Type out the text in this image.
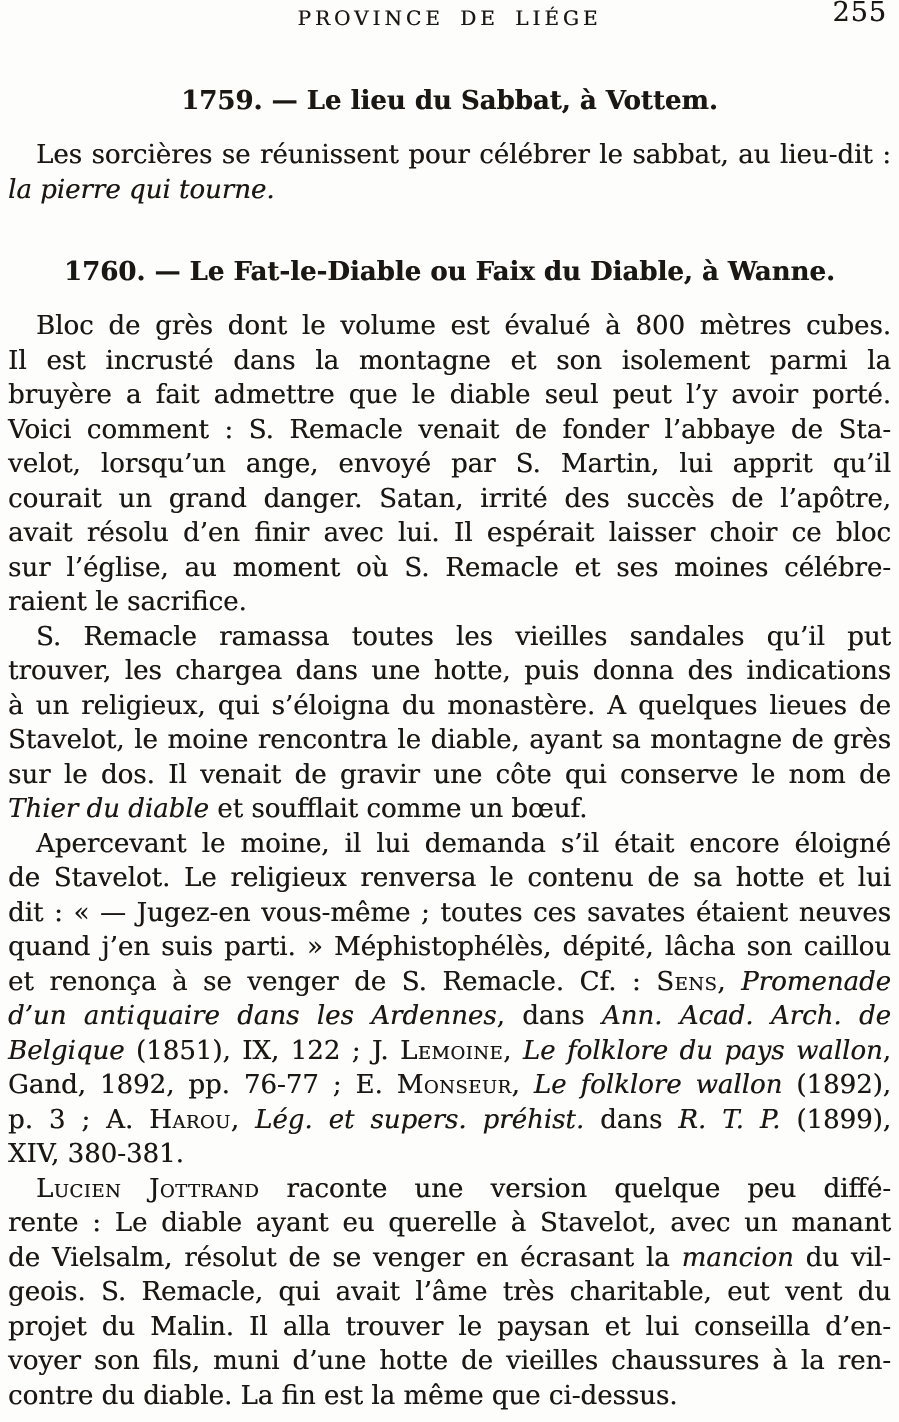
PROVINCE DE LIÉGE	255
1759. — Le lieu du Sabbat, à Vottem.
Les sorcières se réunissent pour célébrer le sabbat, au lieu-dit :
la pierre qui tourne.
1760. — Le Fat-le-Diable ou Faix du Diable, à Wanne.
Bloc de grès dont le volume est évalué à 800 mètres cubes.
Il est incrusté dans la montagne et son isolement parmi la
bruyère a fait admettre que le diable seul peut l’y avoir porté.
Voici comment : S. Remacle venait de fonder l’abbaye de Sta-
velot, lorsqu’un ange, envoyé par S. Martin, lui apprit qu’il
courait un grand danger. Satan, irrité des succès de l’apôtre,
avait résolu d’en finir avec lui. Il espérait laisser choir ce bloc
sur l’église, au moment où S. Remacle et ses moines célébre-
raient le sacrifice.
S. Remacle ramassa toutes les vieilles sandales qu’il put
trouver, les chargea dans une hotte, puis donna des indications
à un religieux, qui s’éloigna du monastère. A quelques lieues de
Stavelot, le moine rencontra le diable, ayant sa montagne de grès
sur le dos. Il venait de gravir une côte qui conserve le nom de
Thier du diable et soufflait comme un bœuf.
Apercevant le moine, il lui demanda s’il était encore éloigné
de Stavelot. Le religieux renversa le contenu de sa hotte et lui
dit : « — Jugez-en vous-même ; toutes ces savates étaient neuves
quand j’en suis parti. » Méphistophélès, dépité, lâcha son caillou
et renonça à se venger de S. Remacle. Cf. : Sens, Promenade
d’un antiquaire dans les Ardennes, dans Ann. Acad. Arch. de
Belgique (1851), IX, 122 ; J. Lemoine, Le folklore du pays wallon,
Gand, 1892, pp. 76-77 ; E. Monseur, Le folklore wallon (1892),
p. 3 ; A. Harou, Lég. et supers. préhist. dans R. T. P. (1899),
XIV, 380-381.
Lucien Jottrand raconte une version quelque peu diffé-
rente : Le diable ayant eu querelle à Stavelot, avec un manant
de Vielsalm, résolut de se venger en écrasant la mancion du vil-
geois. S. Remacle, qui avait l’âme très charitable, eut vent du
projet du Malin. Il alla trouver le paysan et lui conseilla d’en-
voyer son fils, muni d’une hotte de vieilles chaussures à la ren-
contre du diable. La fin est la même que ci-dessus.
